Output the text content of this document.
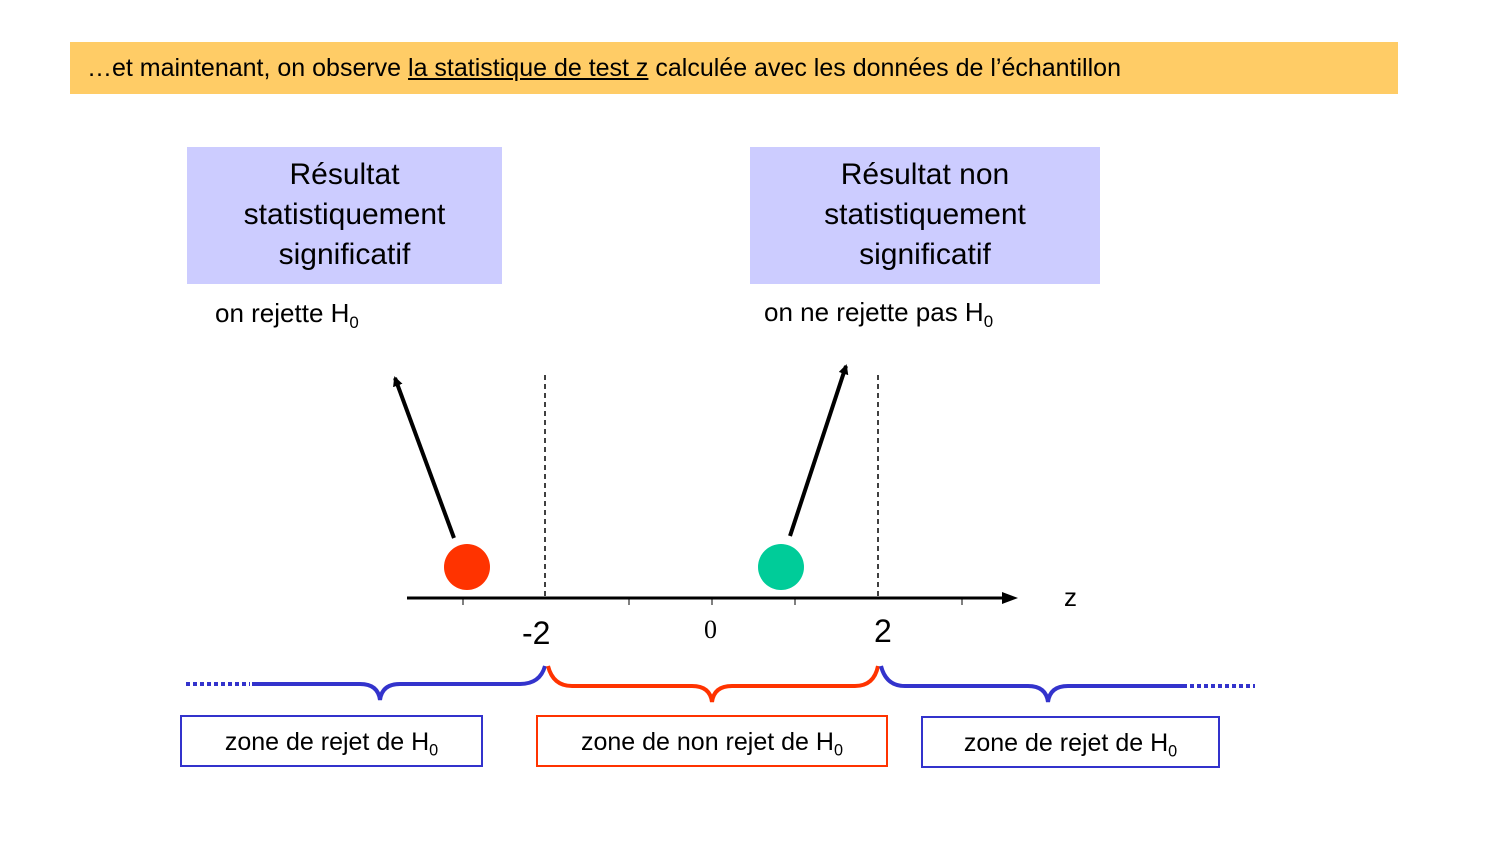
…et maintenant, on observe la statistique de test z calculée avec les données de l’échantillon
Résultat
statistiquement
significatif
Résultat non
statistiquement
significatif
on rejette $H_0$	on ne rejette pas $H_0$
-2	0	2
z
zone de rejet de $H_0$	zone de non rejet de $H_0$	zone de rejet de $H_0$
